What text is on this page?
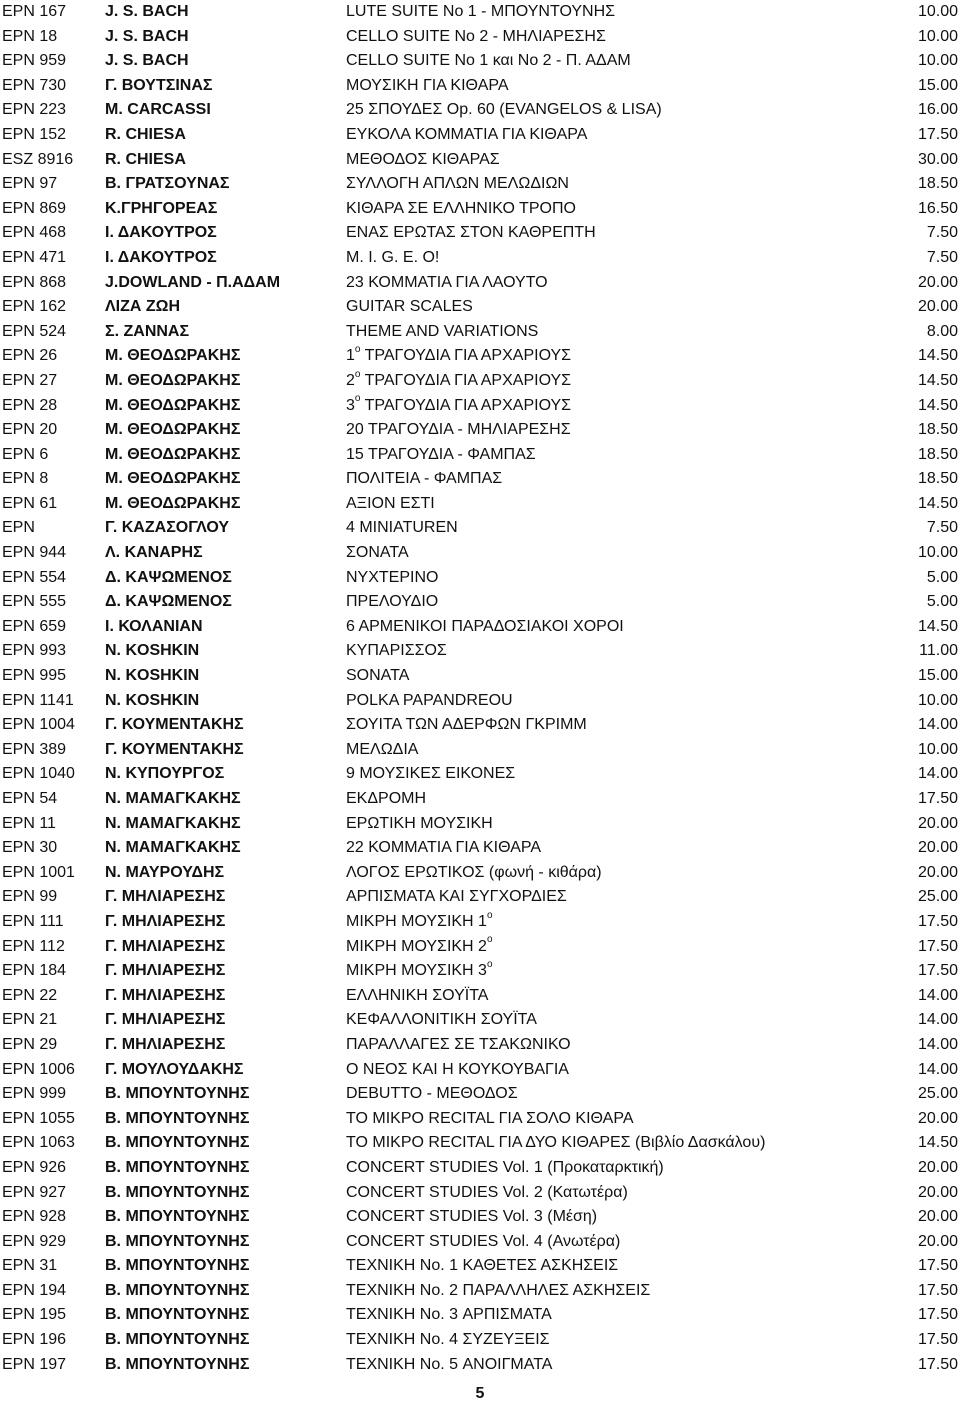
ΕΡΝ 167 J. S. BACH	LUTE SUITE No 1 - ΜΠΟΥΝΤΟΥΝΗΣ	10.00
ΕΡΝ 18	J. S. BACH	CELLO SUITE No 2 - ΜΗΛΙΑΡΕΣΗΣ	10.00
ΕΡΝ 959 J. S. BACH	CELLO SUITE No 1 και No 2 - Π. ΑΔΑΜ	10.00
ΕΡΝ 730 Γ. ΒΟΥΤΣΙΝΑΣ	ΜΟΥΣΙΚΗ ΓΙΑ ΚΙΘΑΡΑ	15.00
ΕΡΝ 223 M. CARCASSI	25 ΣΠΟΥΔΕΣ Op. 60 (EVANGELOS & LISA)	16.00
ΕΡΝ 152 R. CHIESA	ΕΥΚΟΛΑ ΚΟΜΜΑΤΙΑ ΓΙΑ ΚΙΘΑΡΑ	17.50
ESZ 8916 R. CHIESA	ΜΕΘΟΔΟΣ ΚΙΘΑΡΑΣ	30.00
ΕΡΝ 97	Β. ΓΡΑΤΣΟΥΝΑΣ	ΣΥΛΛΟΓΗ ΑΠΛΩΝ ΜΕΛΩΔΙΩΝ	18.50
ΕΡΝ 869 Κ.ΓΡΗΓΟΡΕΑΣ	ΚΙΘΑΡΑ ΣΕ ΕΛΛΗΝΙΚΟ ΤΡΟΠΟ	16.50
ΕΡΝ 468 Ι. ΔΑΚΟΥΤΡΟΣ	ΕΝΑΣ ΕΡΩΤΑΣ ΣΤΟΝ ΚΑΘΡΕΠΤΗ	7.50
ΕΡΝ 471 Ι. ΔΑΚΟΥΤΡΟΣ	Μ. Ι. G. E. O!	7.50
ΕΡΝ 868 J.DOWLAND - Π.ΑΔΑΜ	23 ΚΟΜΜΑΤΙΑ ΓΙΑ ΛΑΟΥΤΟ	20.00
ΕΡΝ 162 ΛΙΖΑ ΖΩΗ	GUITAR SCALES	20.00
ΕΡΝ 524 Σ. ΖΑΝΝΑΣ	THEME AND VARIATIONS	8.00
ΕΡΝ 26	Μ. ΘΕΟΔΩΡΑΚΗΣ	$1^o$ ΤΡΑΓΟΥΔΙΑ ΓΙΑ ΑΡΧΑΡΙΟΥΣ	14.50
ΕΡΝ 27	Μ. ΘΕΟΔΩΡΑΚΗΣ	$2^o$ ΤΡΑΓΟΥΔΙΑ ΓΙΑ ΑΡΧΑΡΙΟΥΣ	14.50
ΕΡΝ 28	Μ. ΘΕΟΔΩΡΑΚΗΣ	$3^o$ ΤΡΑΓΟΥΔΙΑ ΓΙΑ ΑΡΧΑΡΙΟΥΣ	14.50
ΕΡΝ 20	Μ. ΘΕΟΔΩΡΑΚΗΣ	20 ΤΡΑΓΟΥΔΙΑ - ΜΗΛΙΑΡΕΣΗΣ	18.50
ΕΡΝ 6	Μ. ΘΕΟΔΩΡΑΚΗΣ	15 ΤΡΑΓΟΥΔΙΑ - ΦΑΜΠΑΣ	18.50
ΕΡΝ 8	Μ. ΘΕΟΔΩΡΑΚΗΣ	ΠΟΛΙΤΕΙΑ - ΦΑΜΠΑΣ	18.50
ΕΡΝ 61	Μ. ΘΕΟΔΩΡΑΚΗΣ	ΑΞΙΟΝ ΕΣΤΙ	14.50
ΕΡΝ	Γ. ΚΑΖΑΣΟΓΛΟΥ	4 MINIATUREN	7.50
ΕΡΝ 944 Λ. ΚΑΝΑΡΗΣ	ΣΟΝΑΤΑ	10.00
ΕΡΝ 554 Δ. ΚΑΨΩΜΕΝΟΣ	ΝΥΧΤΕΡΙΝΟ	5.00
ΕΡΝ 555 Δ. ΚΑΨΩΜΕΝΟΣ	ΠΡΕΛΟΥΔΙΟ	5.00
ΕΡΝ 659 Ι. ΚΟΛΑΝΙΑΝ	6 ΑΡΜΕΝΙΚΟΙ ΠΑΡΑΔΟΣΙΑΚΟΙ ΧΟΡΟΙ	14.50
ΕΡΝ 993 N. KOSHKIN	ΚΥΠΑΡΙΣΣΟΣ	11.00
ΕΡΝ 995 N. KOSHKIN	SONATA	15.00
ΕΡΝ 1141 N. KOSHKIN	POLKA PAPANDREOU	10.00
ΕΡΝ 1004 Γ. ΚΟΥΜΕΝΤΑΚΗΣ	ΣΟΥΙΤΑ ΤΩΝ ΑΔΕΡΦΩΝ ΓΚΡΙΜΜ	14.00
ΕΡΝ 389 Γ. ΚΟΥΜΕΝΤΑΚΗΣ	ΜΕΛΩΔΙΑ	10.00
ΕΡΝ 1040 Ν. ΚΥΠΟΥΡΓΟΣ	9 ΜΟΥΣΙΚΕΣ ΕΙΚΟΝΕΣ	14.00
ΕΡΝ 54	Ν. ΜΑΜΑΓΚΑΚΗΣ	ΕΚΔΡΟΜΗ	17.50
ΕΡΝ 11	Ν. ΜΑΜΑΓΚΑΚΗΣ	ΕΡΩΤΙΚΗ ΜΟΥΣΙΚΗ	20.00
ΕΡΝ 30	Ν. ΜΑΜΑΓΚΑΚΗΣ	22 ΚΟΜΜΑΤΙΑ ΓΙΑ ΚΙΘΑΡΑ	20.00
ΕΡΝ 1001 Ν. ΜΑΥΡΟΥΔΗΣ	ΛΟΓΟΣ ΕΡΩΤΙΚΟΣ (φωνή - κιθάρα)	20.00
ΕΡΝ 99	Γ. ΜΗΛΙΑΡΕΣΗΣ	ΑΡΠΙΣΜΑΤΑ ΚΑΙ ΣΥΓΧΟΡΔΙΕΣ	25.00
ΕΡΝ 111	Γ. ΜΗΛΙΑΡΕΣΗΣ	ΜΙΚΡΗ ΜΟΥΣΙΚΗ $1^o$	17.50
ΕΡΝ 112	Γ. ΜΗΛΙΑΡΕΣΗΣ	ΜΙΚΡΗ ΜΟΥΣΙΚΗ $2^o$	17.50
ΕΡΝ 184 Γ. ΜΗΛΙΑΡΕΣΗΣ	ΜΙΚΡΗ ΜΟΥΣΙΚΗ $3^o$	17.50
ΕΡΝ 22	Γ. ΜΗΛΙΑΡΕΣΗΣ	ΕΛΛΗΝΙΚΗ ΣΟΥΪΤΑ	14.00
ΕΡΝ 21	Γ. ΜΗΛΙΑΡΕΣΗΣ	ΚΕΦΑΛΛΟΝΙΤΙΚΗ ΣΟΥΪΤΑ	14.00
ΕΡΝ 29	Γ. ΜΗΛΙΑΡΕΣΗΣ	ΠΑΡΑΛΛΑΓΕΣ ΣΕ ΤΣΑΚΩΝΙΚΟ	14.00
ΕΡΝ 1006 Γ. ΜΟΥΛΟΥΔΑΚΗΣ	Ο ΝΕΟΣ ΚΑΙ Η ΚΟΥΚΟΥΒΑΓΙΑ	14.00
ΕΡΝ 999 Β. ΜΠΟΥΝΤΟΥΝΗΣ	DEBUTTO - ΜΕΘΟΔΟΣ	25.00
ΕΡΝ 1055 Β. ΜΠΟΥΝΤΟΥΝΗΣ	ΤΟ ΜΙΚΡΟ RECITAL ΓΙΑ ΣΟΛΟ ΚΙΘΑΡΑ	20.00
ΕΡΝ 1063 Β. ΜΠΟΥΝΤΟΥΝΗΣ	ΤΟ ΜΙΚΡΟ RECITAL ΓΙΑ ΔΥΟ ΚΙΘΑΡΕΣ (Βιβλίο Δασκάλου)	14.50
ΕΡΝ 926 Β. ΜΠΟΥΝΤΟΥΝΗΣ	CONCERT STUDIES Vol. 1 (Προκαταρκτική)	20.00
ΕΡΝ 927 Β. ΜΠΟΥΝΤΟΥΝΗΣ	CONCERT STUDIES Vol. 2 (Κατωτέρα)	20.00
ΕΡΝ 928 Β. ΜΠΟΥΝΤΟΥΝΗΣ	CONCERT STUDIES Vol. 3 (Μέση)	20.00
ΕΡΝ 929 Β. ΜΠΟΥΝΤΟΥΝΗΣ	CONCERT STUDIES Vol. 4 (Ανωτέρα)	20.00
ΕΡΝ 31	Β. ΜΠΟΥΝΤΟΥΝΗΣ	ΤΕΧΝΙΚΗ No. 1 ΚΑΘΕΤΕΣ ΑΣΚΗΣΕΙΣ	17.50
ΕΡΝ 194 Β. ΜΠΟΥΝΤΟΥΝΗΣ	ΤΕΧΝΙΚΗ No. 2 ΠΑΡΑΛΛΗΛΕΣ ΑΣΚΗΣΕΙΣ	17.50
ΕΡΝ 195 Β. ΜΠΟΥΝΤΟΥΝΗΣ	ΤΕΧΝΙΚΗ No. 3 ΑΡΠΙΣΜΑΤΑ	17.50
ΕΡΝ 196 Β. ΜΠΟΥΝΤΟΥΝΗΣ	ΤΕΧΝΙΚΗ No. 4 ΣΥΖΕΥΞΕΙΣ	17.50
ΕΡΝ 197 Β. ΜΠΟΥΝΤΟΥΝΗΣ	ΤΕΧΝΙΚΗ No. 5 ΑΝΟΙΓΜΑΤΑ	17.50
5
